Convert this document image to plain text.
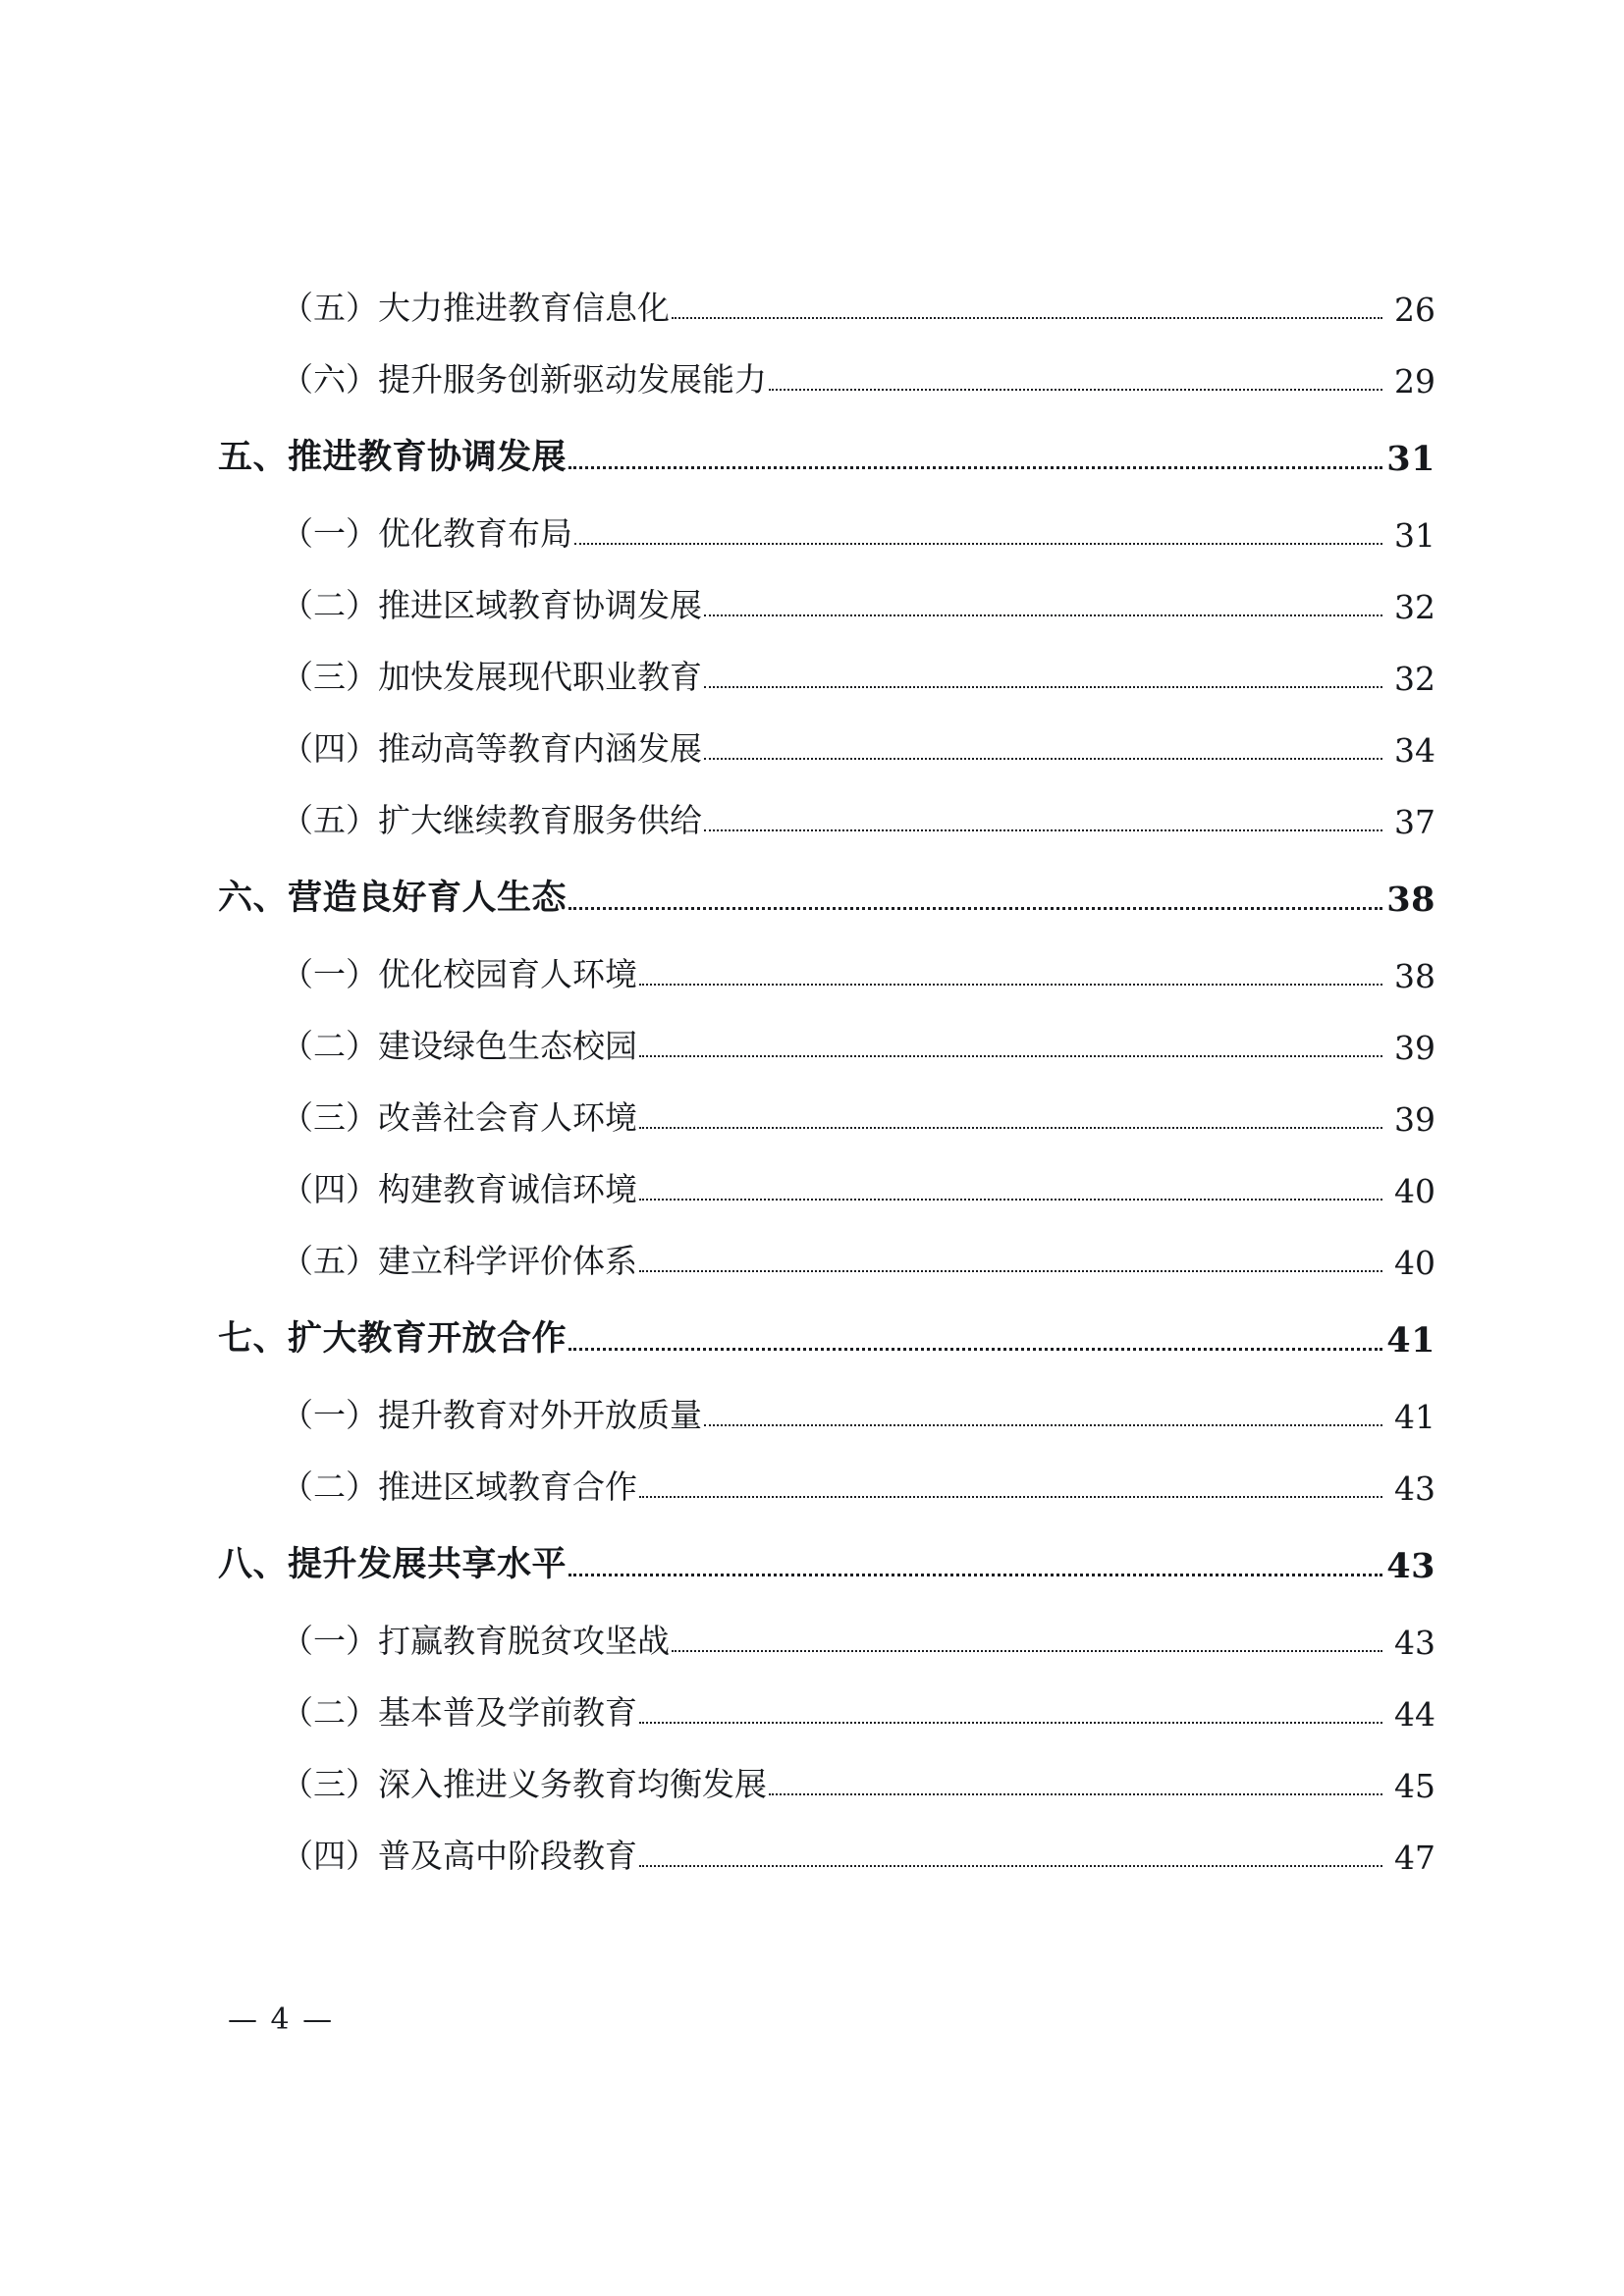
（五）大力推进教育信息化	26
（六）提升服务创新驱动发展能力	29
五、推进教育协调发展	31
（一）优化教育布局	31
（二）推进区域教育协调发展	32
（三）加快发展现代职业教育	32
（四）推动高等教育内涵发展	34
（五）扩大继续教育服务供给	37
六、营造良好育人生态	38
（一）优化校园育人环境	38
（二）建设绿色生态校园	39
（三）改善社会育人环境	39
（四）构建教育诚信环境	40
（五）建立科学评价体系	40
七、扩大教育开放合作	41
（一）提升教育对外开放质量	41
（二）推进区域教育合作	43
八、提升发展共享水平	43
（一）打赢教育脱贫攻坚战	43
（二）基本普及学前教育	44
（三）深入推进义务教育均衡发展	45
（四）普及高中阶段教育	47
— 4 —
